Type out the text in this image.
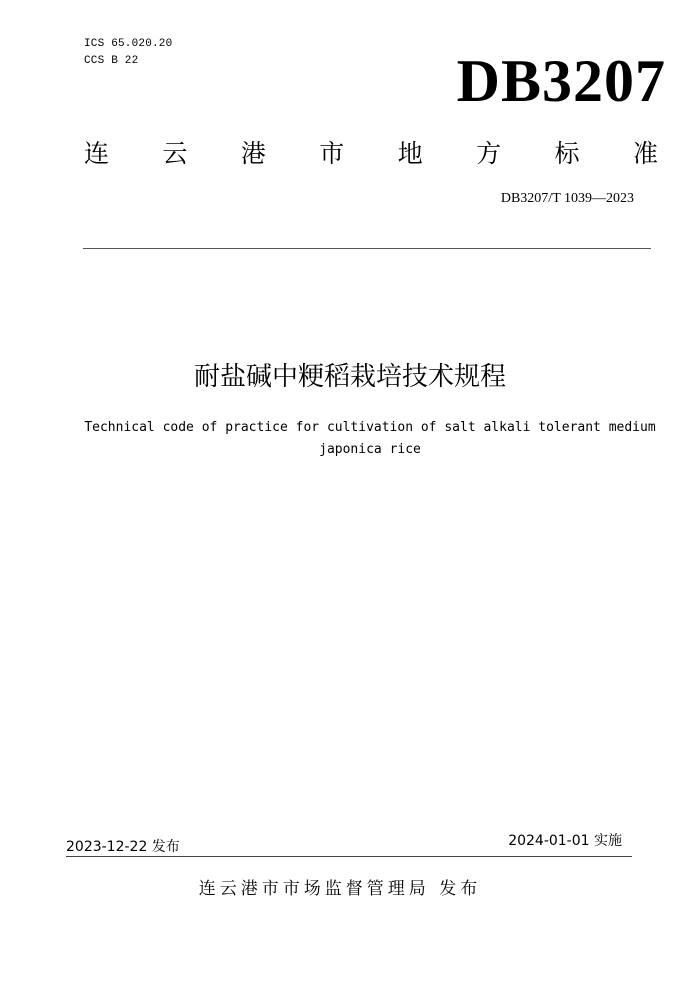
ICS 65.020.20
CCS B 22	DB3207
连 云 港 市 地 方 标 准
DB3207/T 1039—2023
耐盐碱中粳稻栽培技术规程
Technical code of practice for cultivation of salt alkali tolerant medium
japonica rice
2023-12-22 发布	2024-01-01 实施
连云港市市场监督管理局 发布
